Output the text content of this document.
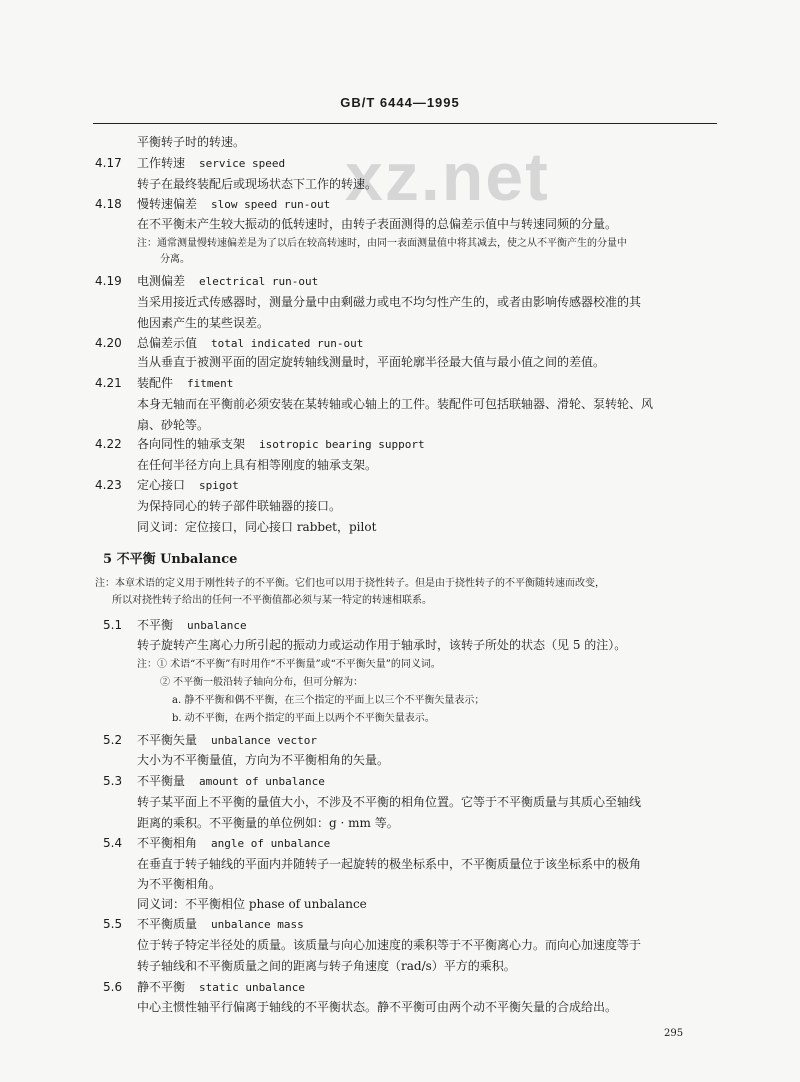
GB/T 6444—1995
xz.net
平衡转子时的转速。
4.17 工作转速 service speed
转子在最终装配后或现场状态下工作的转速。
4.18 慢转速偏差 slow speed run-out
在不平衡未产生较大振动的低转速时，由转子表面测得的总偏差示值中与转速同频的分量。
注：通常测量慢转速偏差是为了以后在较高转速时，由同一表面测量值中将其减去，使之从不平衡产生的分量中
分离。
4.19 电测偏差 electrical run-out
当采用接近式传感器时，测量分量中由剩磁力或电不均匀性产生的，或者由影响传感器校准的其
他因素产生的某些误差。
4.20 总偏差示值 total indicated run-out
当从垂直于被测平面的固定旋转轴线测量时，平面轮廓半径最大值与最小值之间的差值。
4.21 装配件 fitment
本身无轴而在平衡前必须安装在某转轴或心轴上的工件。装配件可包括联轴器、滑轮、泵转轮、风
扇、砂轮等。
4.22 各向同性的轴承支架 isotropic bearing support
在任何半径方向上具有相等刚度的轴承支架。
4.23 定心接口 spigot
为保持同心的转子部件联轴器的接口。
同义词：定位接口，同心接口 rabbet，pilot
5 不平衡 Unbalance
注：本章术语的定义用于刚性转子的不平衡。它们也可以用于挠性转子。但是由于挠性转子的不平衡随转速而改变，
所以对挠性转子给出的任何一不平衡值都必须与某一特定的转速相联系。
5.1 不平衡 unbalance
转子旋转产生离心力所引起的振动力或运动作用于轴承时，该转子所处的状态（见 5 的注）。
注：① 术语“不平衡”有时用作“不平衡量”或“不平衡矢量”的同义词。
② 不平衡一般沿转子轴向分布，但可分解为：
a. 静不平衡和偶不平衡，在三个指定的平面上以三个不平衡矢量表示；
b. 动不平衡，在两个指定的平面上以两个不平衡矢量表示。
5.2 不平衡矢量 unbalance vector
大小为不平衡量值，方向为不平衡相角的矢量。
5.3 不平衡量 amount of unbalance
转子某平面上不平衡的量值大小，不涉及不平衡的相角位置。它等于不平衡质量与其质心至轴线
距离的乘积。不平衡量的单位例如：g · mm 等。
5.4 不平衡相角 angle of unbalance
在垂直于转子轴线的平面内并随转子一起旋转的极坐标系中，不平衡质量位于该坐标系中的极角
为不平衡相角。
同义词：不平衡相位 phase of unbalance
5.5 不平衡质量 unbalance mass
位于转子特定半径处的质量。该质量与向心加速度的乘积等于不平衡离心力。而向心加速度等于
转子轴线和不平衡质量之间的距离与转子角速度（rad/s）平方的乘积。
5.6 静不平衡 static unbalance
中心主惯性轴平行偏离于轴线的不平衡状态。静不平衡可由两个动不平衡矢量的合成给出。
295
